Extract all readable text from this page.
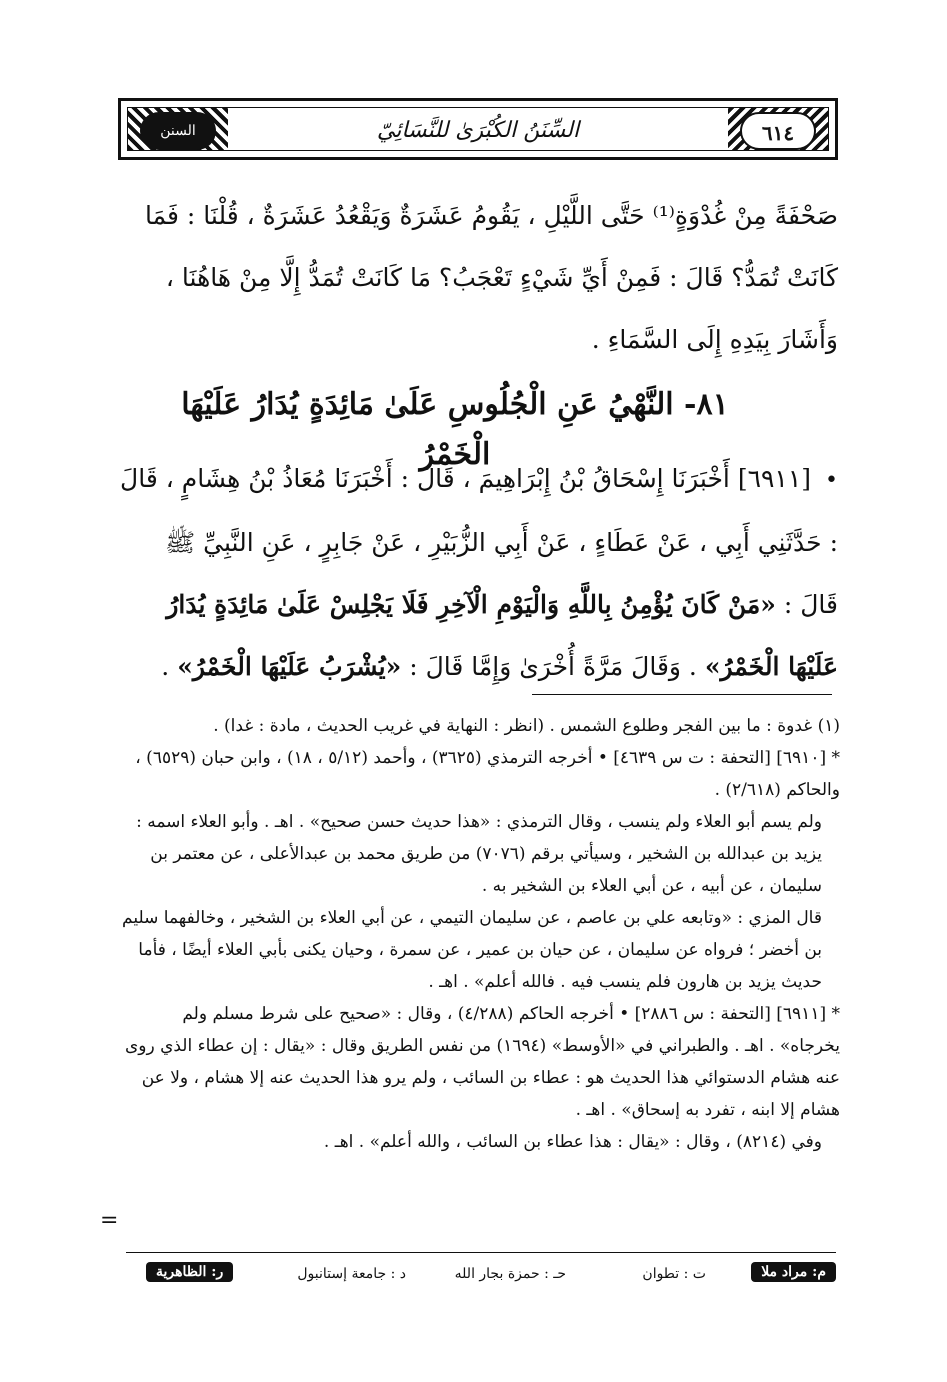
السنن الكبرى
السِّنَنُ الكُبْرَىٰ للنَّسَائِيّ	٦١٤
صَحْفَةً مِنْ غُدْوَةٍ⁽¹⁾ حَتَّى اللَّيْلِ ، يَقُومُ عَشَرَةٌ وَيَقْعُدُ عَشَرَةٌ ، قُلْنَا : فَمَا كَانَتْ تُمَدُّ؟ قَالَ : فَمِنْ أَيِّ شَيْءٍ تَعْجَبُ؟ مَا كَانَتْ تُمَدُّ إِلَّا مِنْ هَاهُنَا ، وَأَشَارَ بِيَدِهِ إِلَى السَّمَاءِ .
٨١- النَّهْيُ عَنِ الْجُلُوسِ عَلَىٰ مَائِدَةٍ يُدَارُ عَلَيْهَا الْخَمْرُ
• [٦٩١١] أَخْبَرَنَا إِسْحَاقُ بْنُ إِبْرَاهِيمَ ، قَالَ : أَخْبَرَنَا مُعَاذُ بْنُ هِشَامٍ ، قَالَ : حَدَّثَنِي أَبِي ، عَنْ عَطَاءٍ ، عَنْ أَبِي الزُّبَيْرِ ، عَنْ جَابِرٍ ، عَنِ النَّبِيِّ ﷺ قَالَ : «مَنْ كَانَ يُؤْمِنُ بِاللَّهِ وَالْيَوْمِ الْآخِرِ فَلَا يَجْلِسْ عَلَىٰ مَائِدَةٍ يُدَارُ عَلَيْهَا الْخَمْرُ» . وَقَالَ مَرَّةً أُخْرَىٰ وَإِمَّا قَالَ : «يُشْرَبُ عَلَيْهَا الْخَمْرُ» .

(١) غدوة : ما بين الفجر وطلوع الشمس . (انظر : النهاية في غريب الحديث ، مادة : غدا) .

* [٦٩١٠] [التحفة : ت س ٤٦٣٩] • أخرجه الترمذي (٣٦٢٥) ، وأحمد (٥/١٢ ، ١٨) ، وابن حبان (٦٥٢٩) ، والحاكم (٢/٦١٨) .

ولم يسم أبو العلاء ولم ينسب ، وقال الترمذي : «هذا حديث حسن صحيح» . اهـ . وأبو العلاء اسمه : يزيد بن عبدالله بن الشخير ، وسيأتي برقم (٧٠٧٦) من طريق محمد بن عبدالأعلى ، عن معتمر بن سليمان ، عن أبيه ، عن أبي العلاء بن الشخير به .

قال المزي : «وتابعه علي بن عاصم ، عن سليمان التيمي ، عن أبي العلاء بن الشخير ، وخالفهما سليم بن أخضر ؛ فرواه عن سليمان ، عن حيان بن عمير ، عن سمرة ، وحيان يكنى بأبي العلاء أيضًا ، فأما حديث يزيد بن هارون فلم ينسب فيه . فالله أعلم» . اهـ .

* [٦٩١١] [التحفة : س ٢٨٨٦] • أخرجه الحاكم (٤/٢٨٨) ، وقال : «صحيح على شرط مسلم ولم يخرجاه» . اهـ . والطبراني في «الأوسط» (١٦٩٤) من نفس الطريق وقال : «يقال : إن عطاء الذي روى عنه هشام الدستوائي هذا الحديث هو : عطاء بن السائب ، ولم يرو هذا الحديث عنه إلا هشام ، ولا عن هشام إلا ابنه ، تفرد به إسحاق» . اهـ .

وفي (٨٢١٤) ، وقال : «يقال : هذا عطاء بن السائب ، والله أعلم» . اهـ .

=
م: مراد ملا
ت : تطوان
حـ : حمزة بجار الله
د : جامعة إستانبول
ر: الظاهرية
